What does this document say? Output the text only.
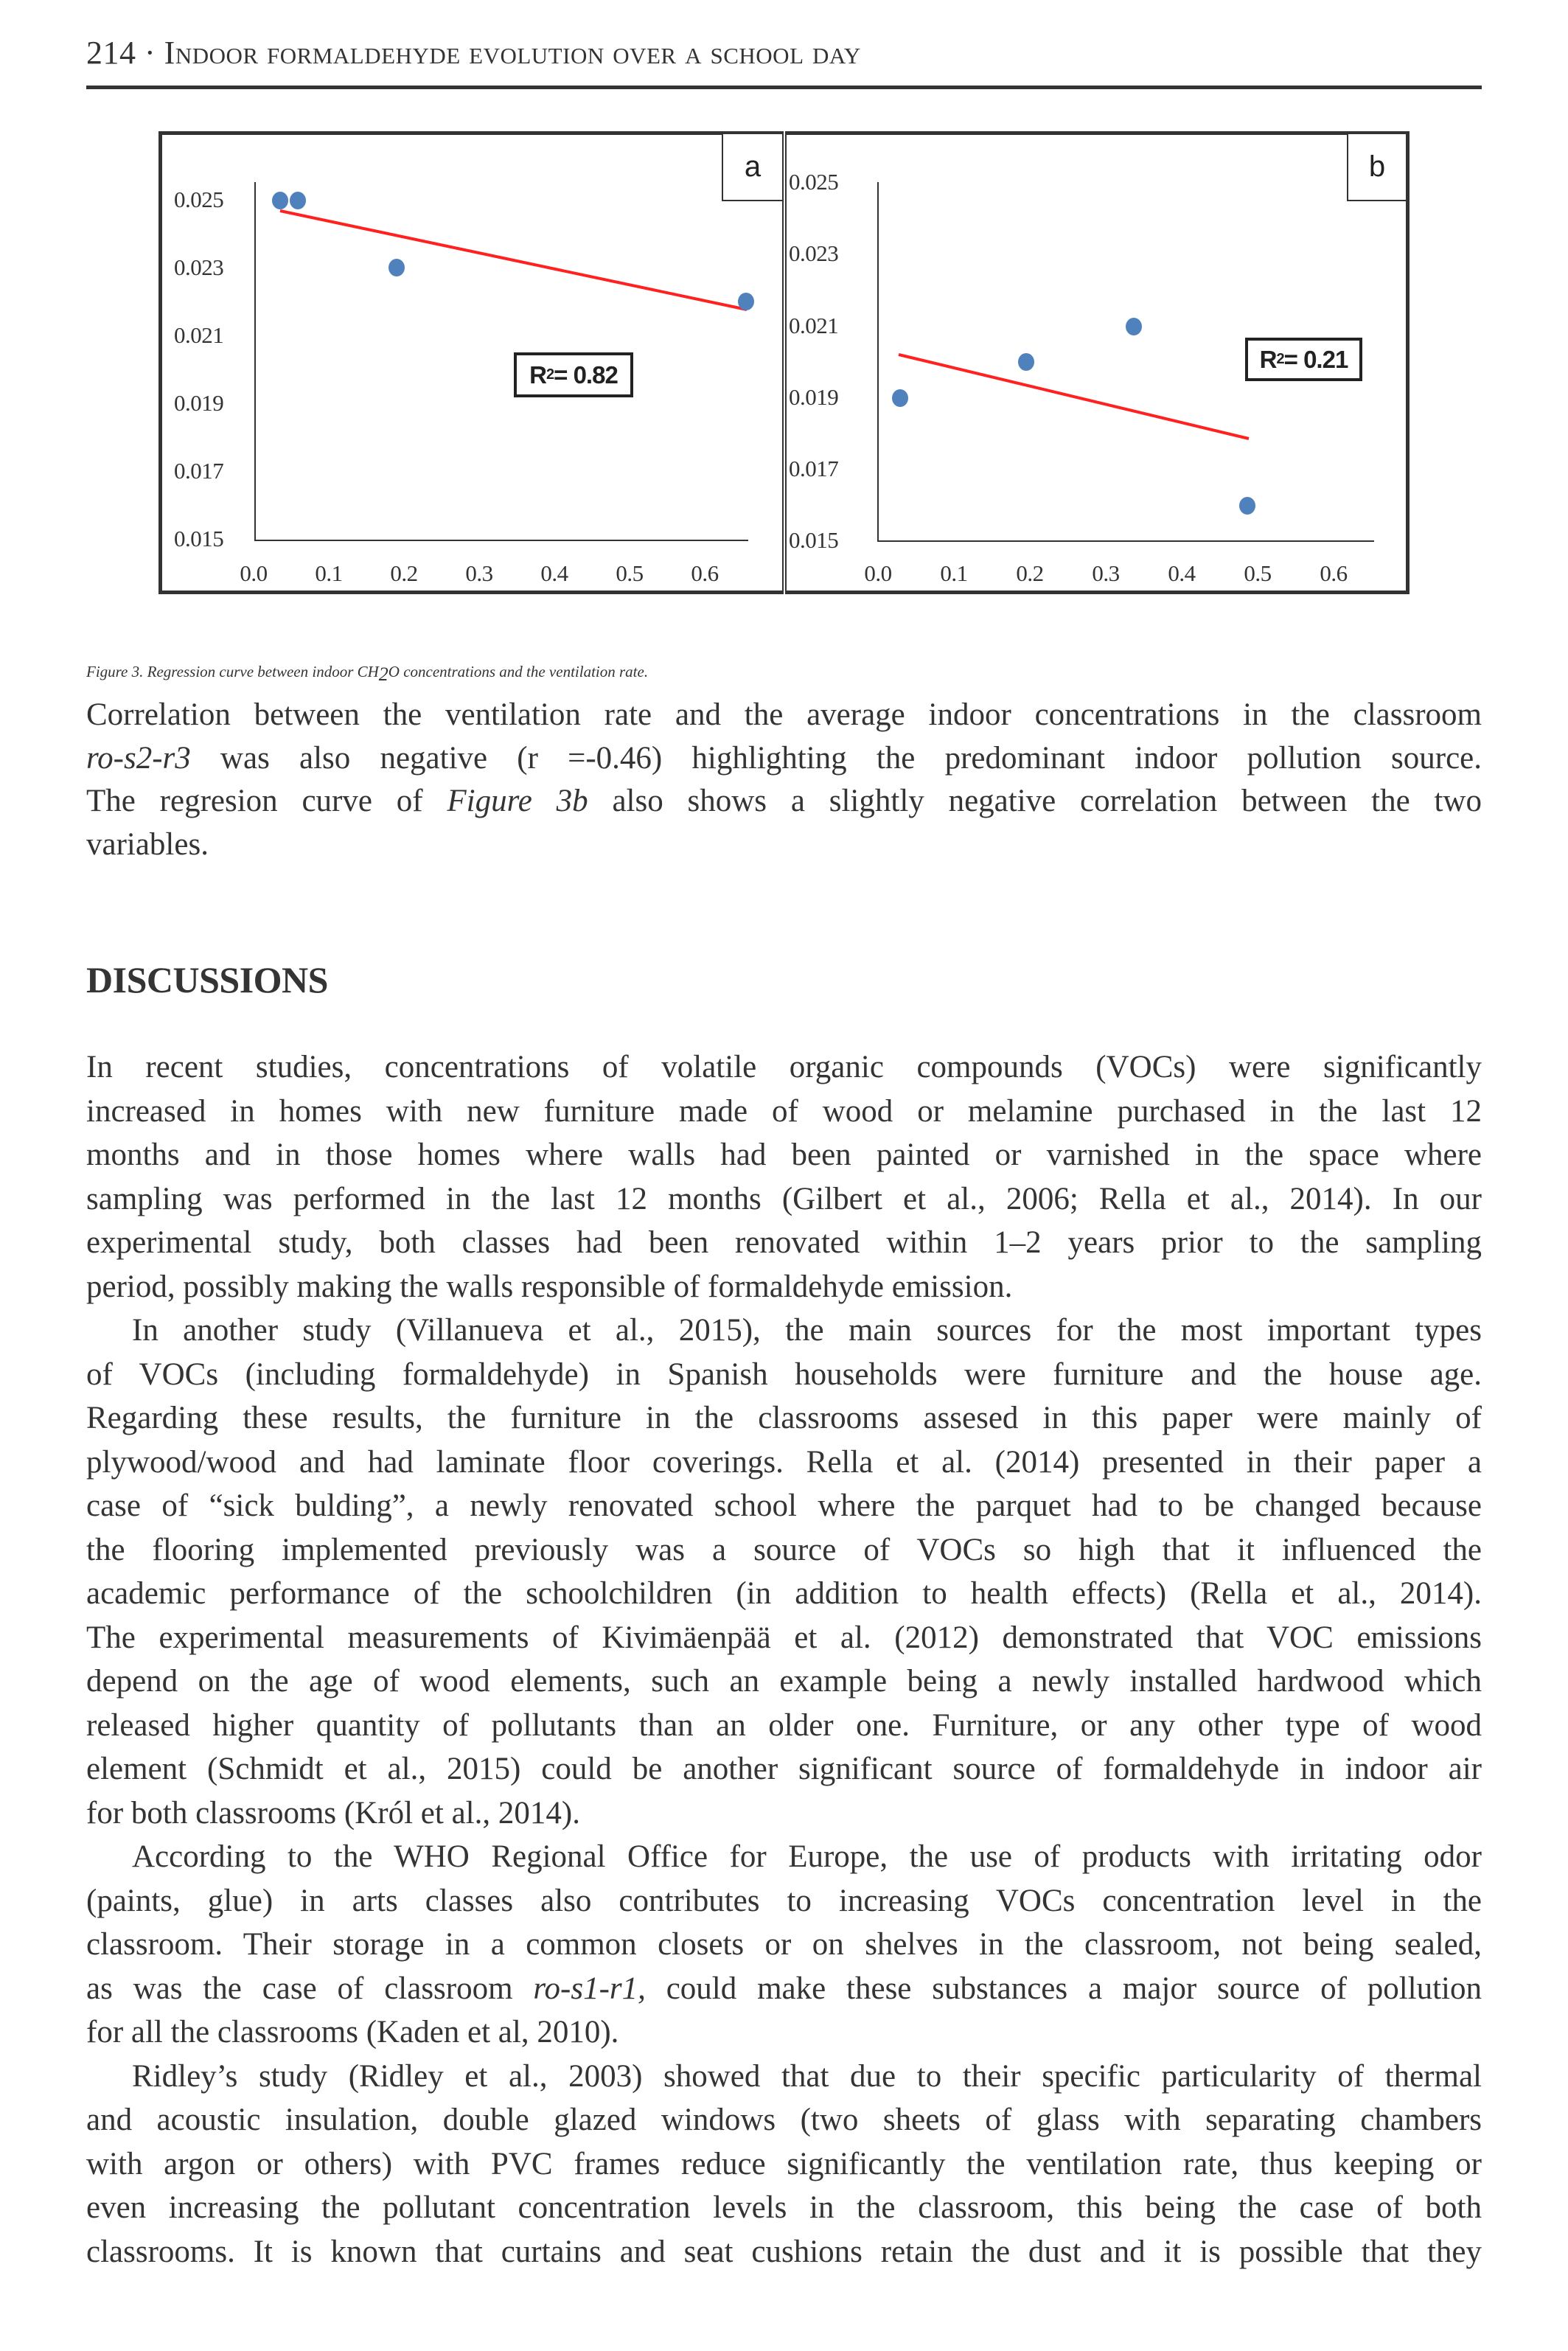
214 · Indoor formaldehyde evolution over a school day
a
0.025
0.023
0.021
0.019
0.017
0.015
0.0 0.1 0.2 0.3 0.4 0.5 0.6
R 2 = 0.82
b
0.025
0.023
0.021
0.019
0.017
0.015
0.0 0.1 0.2 0.3 0.4 0.5 0.6
R 2 = 0.21
Figure 3. Regression curve between indoor $CH_2O$ concentrations and the ventilation rate.
Correlation between the ventilation rate and the average indoor concentrations in the classroom
ro-s2-r3 was also negative (r =-0.46) highlighting the predominant indoor pollution source.
The regresion curve of Figure 3b also shows a slightly negative correlation between the two
variables.
DISCUSSIONS
In recent studies, concentrations of volatile organic compounds (VOCs) were significantly
increased in homes with new furniture made of wood or melamine purchased in the last 12
months and in those homes where walls had been painted or varnished in the space where
sampling was performed in the last 12 months (Gilbert et al., 2006; Rella et al., 2014). In our
experimental study, both classes had been renovated within 1–2 years prior to the sampling
period, possibly making the walls responsible of formaldehyde emission.
In another study (Villanueva et al., 2015), the main sources for the most important types
of VOCs (including formaldehyde) in Spanish households were furniture and the house age.
Regarding these results, the furniture in the classrooms assesed in this paper were mainly of
plywood/wood and had laminate floor coverings. Rella et al. (2014) presented in their paper a
case of “sick bulding”, a newly renovated school where the parquet had to be changed because
the flooring implemented previously was a source of VOCs so high that it influenced the
academic performance of the schoolchildren (in addition to health effects) (Rella et al., 2014).
The experimental measurements of Kivimäenpää et al. (2012) demonstrated that VOC emissions
depend on the age of wood elements, such an example being a newly installed hardwood which
released higher quantity of pollutants than an older one. Furniture, or any other type of wood
element (Schmidt et al., 2015) could be another significant source of formaldehyde in indoor air
for both classrooms (Król et al., 2014).
According to the WHO Regional Office for Europe, the use of products with irritating odor
(paints, glue) in arts classes also contributes to increasing VOCs concentration level in the
classroom. Their storage in a common closets or on shelves in the classroom, not being sealed,
as was the case of classroom ro-s1-r1, could make these substances a major source of pollution
for all the classrooms (Kaden et al, 2010).
Ridley’s study (Ridley et al., 2003) showed that due to their specific particularity of thermal
and acoustic insulation, double glazed windows (two sheets of glass with separating chambers
with argon or others) with PVC frames reduce significantly the ventilation rate, thus keeping or
even increasing the pollutant concentration levels in the classroom, this being the case of both
classrooms. It is known that curtains and seat cushions retain the dust and it is possible that they
